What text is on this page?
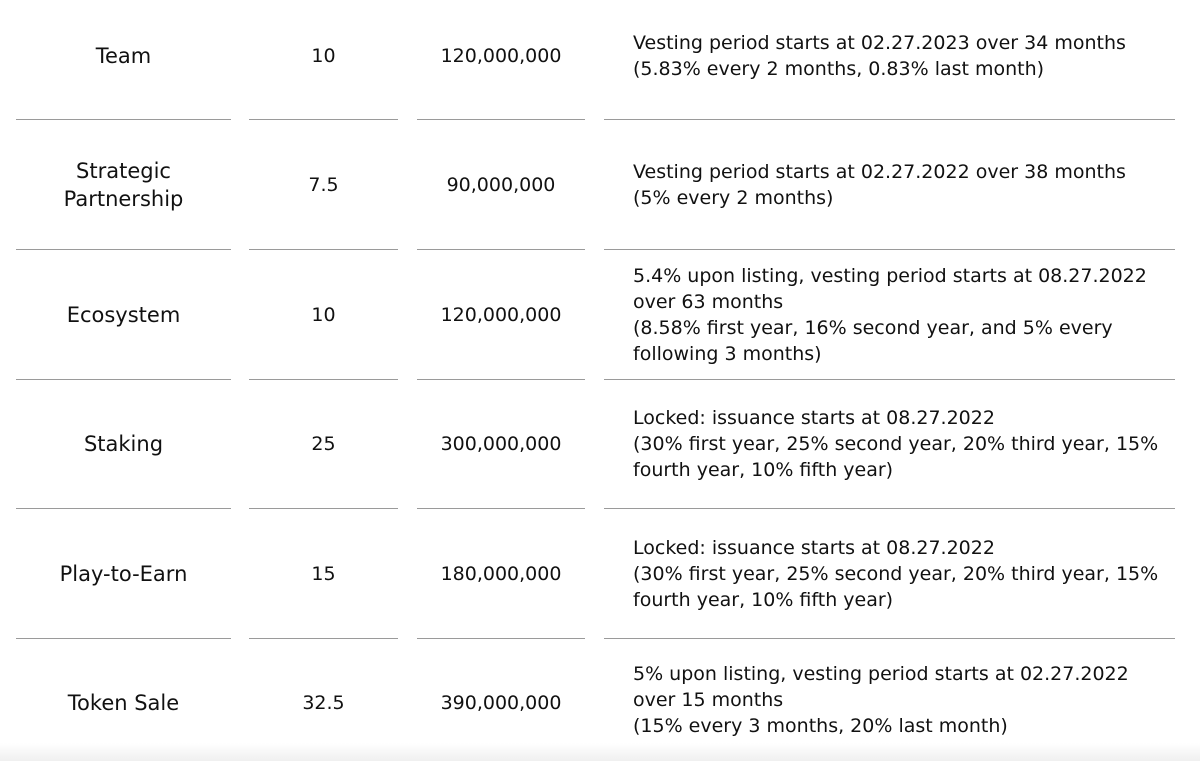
Team	10	120,000,000
Vesting period starts at 02.27.2023 over 34 months
(5.83% every 2 months, 0.83% last month)
Strategic
Partnership
7.5	90,000,000
Vesting period starts at 02.27.2022 over 38 months
(5% every 2 months)
Ecosystem	10	120,000,000
5.4% upon listing, vesting period starts at 08.27.2022
over 63 months
(8.58% first year, 16% second year, and 5% every
following 3 months)
Staking	25	300,000,000
Locked: issuance starts at 08.27.2022
(30% first year, 25% second year, 20% third year, 15%
fourth year, 10% fifth year)
Play-to-Earn	15	180,000,000
Locked: issuance starts at 08.27.2022
(30% first year, 25% second year, 20% third year, 15%
fourth year, 10% fifth year)
Token Sale	32.5	390,000,000
5% upon listing, vesting period starts at 02.27.2022
over 15 months
(15% every 3 months, 20% last month)
